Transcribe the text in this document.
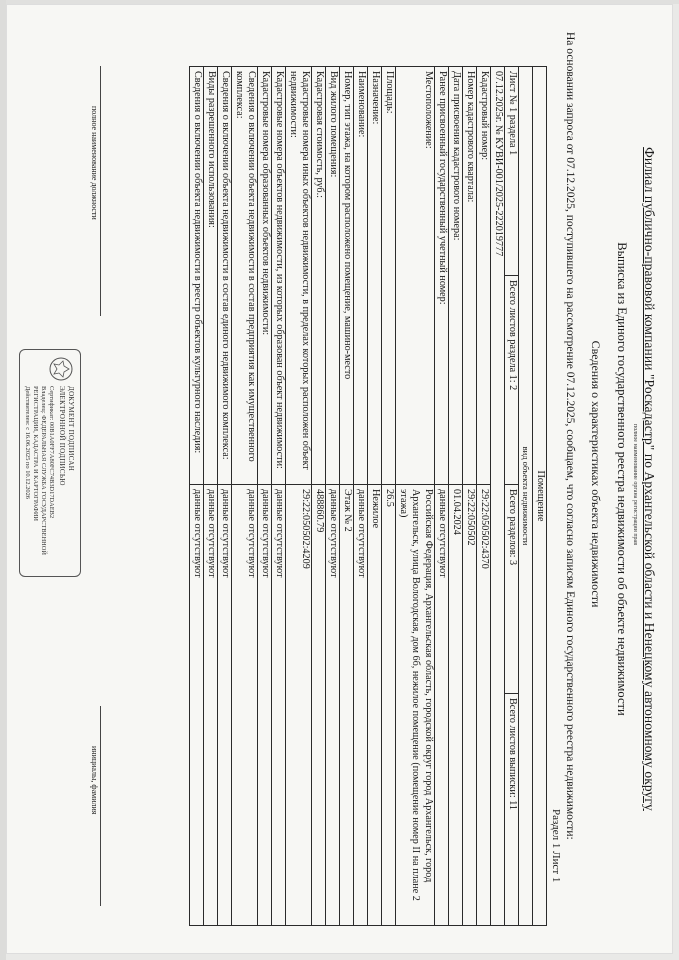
Филиал публично-правовой компании "Роскадастр" по Архангельской области и Ненецкому автономному округу
полное наименование органа регистрации прав
Выписка из Единого государственного реестра недвижимости об объекте недвижимости
Сведения о характеристиках объекта недвижимости
На основании запроса от 07.12.2025, поступившего на рассмотрение 07.12.2025, сообщаем, что согласно записям Единого государственного реестра недвижимости:
Раздел 1 Лист 1
Помещение			
вид объекта недвижимости			
Лист № 1 раздела 1	Всего листов раздела 1: 2	Всего разделов: 3	Всего листов выписки: 11
07.12.2025г. № КУВИ-001/2025-222019777			
Кадастровый номер:		29:22:050502:4370	
Номер кадастрового квартала:		29:22:050502	
Дата присвоения кадастрового номера:		01.04.2024	
Ранее присвоенный государственный учетный номер:		данные отсутствуют	
Местоположение:		Российская Федерация, Архангельская область, городской округ город Архангельск, город Архангельск, улица Вологодская, дом 6б, нежилое помещение (помещение номер II на плане 2 этажа)	
Площадь:		26.5	
Назначение:		Нежилое	
Наименование:		данные отсутствуют	
Номер, тип этажа, на котором расположено помещение, машино-место		Этаж № 2	
Вид жилого помещения:		данные отсутствуют	
Кадастровая стоимость, руб.:		488860.79	
Кадастровые номера иных объектов недвижимости, в пределах которых расположен объект недвижимости:		29:22:050502:4209	
Кадастровые номера объектов недвижимости, из которых образован объект недвижимости:		данные отсутствуют	
Кадастровые номера образованных объектов недвижимости:		данные отсутствуют	
Сведения о включении объекта недвижимости в состав предприятия как имущественного комплекса:		данные отсутствуют	
Сведения о включении объекта недвижимости в состав единого недвижимого комплекса:		данные отсутствуют	
Виды разрешенного использования:		данные отсутствуют	
Сведения о включении объекта недвижимости в реестр объектов культурного наследия:		данные отсутствуют	
полное наименование должности
инициалы, фамилия
ДОКУМЕНТ ПОДПИСАН
ЭЛЕКТРОННОЙ ПОДПИСЬЮ
Сертификат: 00B1A0FF7A80FC74B3D17DAEB2
Владелец: ФЕДЕРАЛЬНАЯ СЛУЖБА ГОСУДАРСТВЕННОЙ
РЕГИСТРАЦИИ, КАДАСТРА И КАРТОГРАФИИ
Действителен: с 16.06.2025 по 10.12.2026
